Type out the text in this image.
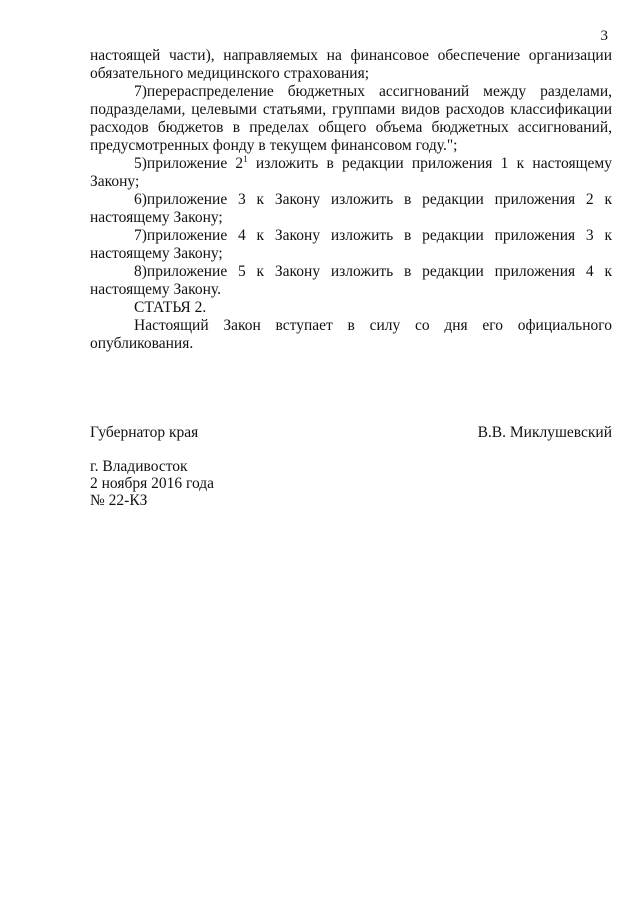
3

настоящей части), направляемых на финансовое обеспечение организации обязательного медицинского страхования;

7)перераспределение бюджетных ассигнований между разделами, подразделами, целевыми статьями, группами видов расходов классификации расходов бюджетов в пределах общего объема бюджетных ассигнований, предусмотренных фонду в текущем финансовом году.";

5)приложение $2^1$ изложить в редакции приложения 1 к настоящему Закону;

6)приложение 3 к Закону изложить в редакции приложения 2 к настоящему Закону;

7)приложение 4 к Закону изложить в редакции приложения 3 к настоящему Закону;

8)приложение 5 к Закону изложить в редакции приложения 4 к настоящему Закону.

СТАТЬЯ 2.

Настоящий Закон вступает в силу со дня его официального опубликования.

Губернатор края	В.В. Миклушевский
г. Владивосток
2 ноября 2016 года
№ 22-КЗ
